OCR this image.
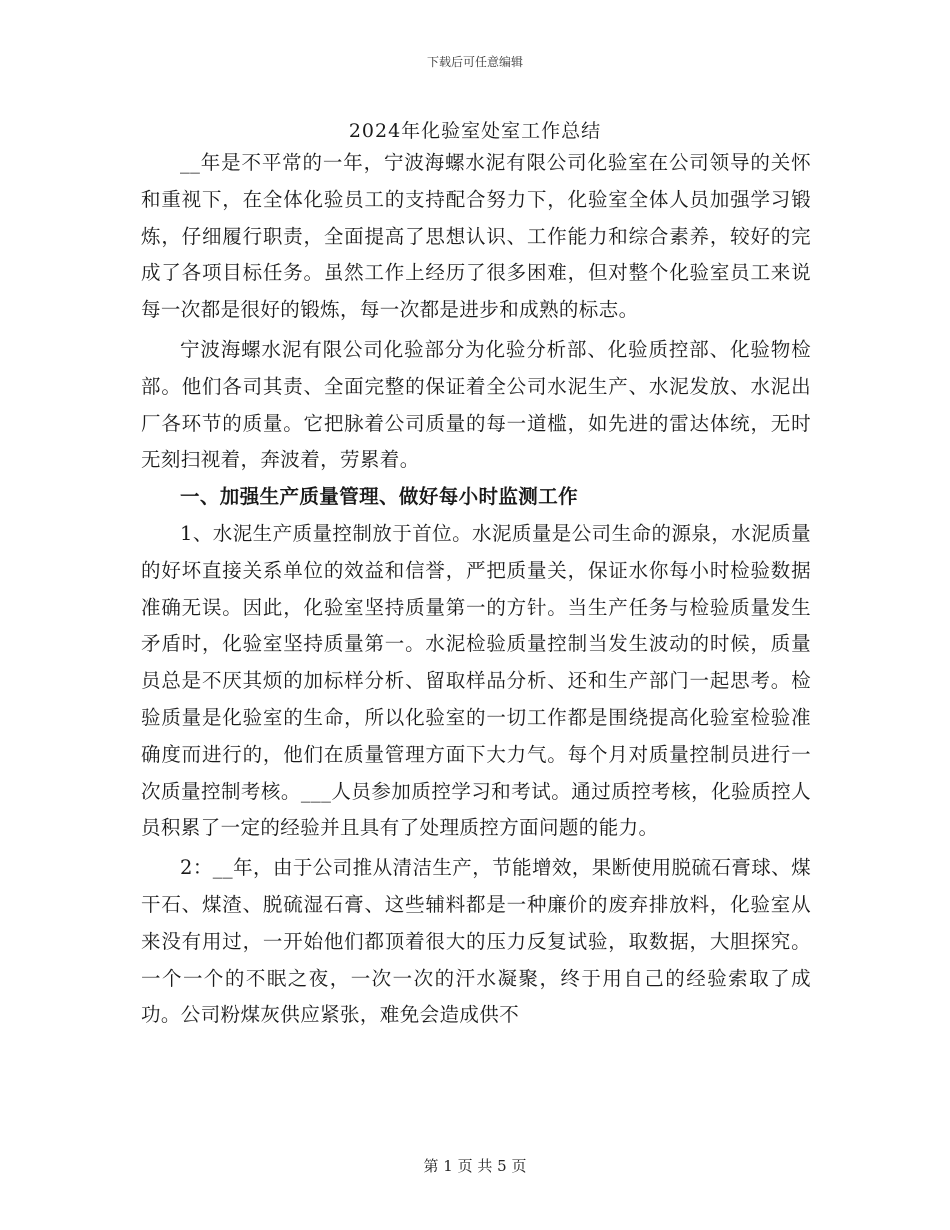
下载后可任意编辑
2024年化验室处室工作总结

__年是不平常的一年，宁波海螺水泥有限公司化验室在公司领导的关怀和重视下，在全体化验员工的支持配合努力下，化验室全体人员加强学习锻炼，仔细履行职责，全面提高了思想认识、工作能力和综合素养，较好的完成了各项目标任务。虽然工作上经历了很多困难，但对整个化验室员工来说每一次都是很好的锻炼，每一次都是进步和成熟的标志。

宁波海螺水泥有限公司化验部分为化验分析部、化验质控部、化验物检部。他们各司其责、全面完整的保证着全公司水泥生产、水泥发放、水泥出厂各环节的质量。它把脉着公司质量的每一道槛，如先进的雷达体统，无时无刻扫视着，奔波着，劳累着。

一、加强生产质量管理、做好每小时监测工作

1、水泥生产质量控制放于首位。水泥质量是公司生命的源泉，水泥质量的好坏直接关系单位的效益和信誉，严把质量关，保证水你每小时检验数据准确无误。因此，化验室坚持质量第一的方针。当生产任务与检验质量发生矛盾时，化验室坚持质量第一。水泥检验质量控制当发生波动的时候，质量员总是不厌其烦的加标样分析、留取样品分析、还和生产部门一起思考。检验质量是化验室的生命，所以化验室的一切工作都是围绕提高化验室检验准确度而进行的，他们在质量管理方面下大力气。每个月对质量控制员进行一次质量控制考核。___人员参加质控学习和考试。通过质控考核，化验质控人员积累了一定的经验并且具有了处理质控方面问题的能力。

2：__年，由于公司推从清洁生产，节能增效，果断使用脱硫石膏球、煤干石、煤渣、脱硫湿石膏、这些辅料都是一种廉价的废弃排放料，化验室从来没有用过，一开始他们都顶着很大的压力反复试验，取数据，大胆探究。一个一个的不眠之夜，一次一次的汗水凝聚，终于用自己的经验索取了成功。公司粉煤灰供应紧张，难免会造成供不

第 1 页 共 5 页
